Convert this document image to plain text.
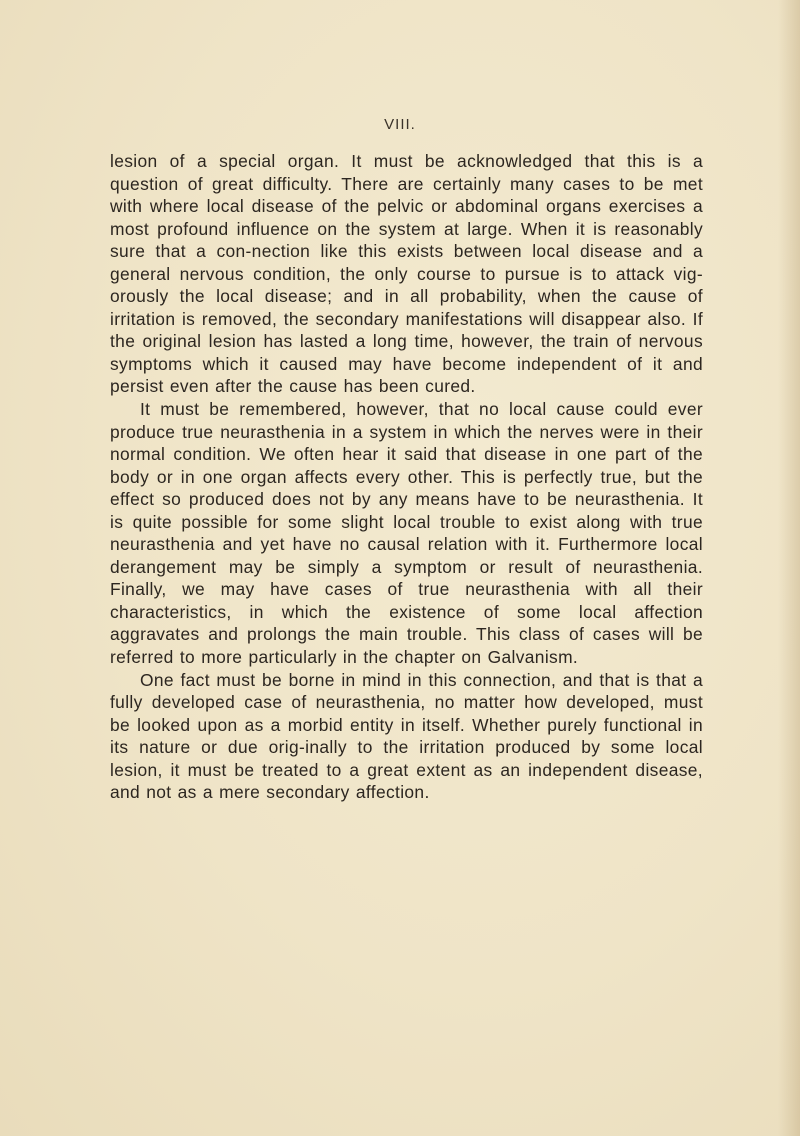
VIII.

lesion of a special organ. It must be acknowledged that this is a question of great difficulty. There are certainly many cases to be met with where local disease of the pelvic or abdominal organs exercises a most profound influence on the system at large. When it is reasonably sure that a con-nection like this exists between local disease and a general nervous condition, the only course to pursue is to attack vig-orously the local disease; and in all probability, when the cause of irritation is removed, the secondary manifestations will disappear also. If the original lesion has lasted a long time, however, the train of nervous symptoms which it caused may have become independent of it and persist even after the cause has been cured.

It must be remembered, however, that no local cause could ever produce true neurasthenia in a system in which the nerves were in their normal condition. We often hear it said that disease in one part of the body or in one organ affects every other. This is perfectly true, but the effect so produced does not by any means have to be neurasthenia. It is quite possible for some slight local trouble to exist along with true neurasthenia and yet have no causal relation with it. Furthermore local derangement may be simply a symptom or result of neurasthenia. Finally, we may have cases of true neurasthenia with all their characteristics, in which the existence of some local affection aggravates and prolongs the main trouble. This class of cases will be referred to more particularly in the chapter on Galvanism.

One fact must be borne in mind in this connection, and that is that a fully developed case of neurasthenia, no matter how developed, must be looked upon as a morbid entity in itself. Whether purely functional in its nature or due orig-inally to the irritation produced by some local lesion, it must be treated to a great extent as an independent disease, and not as a mere secondary affection.
